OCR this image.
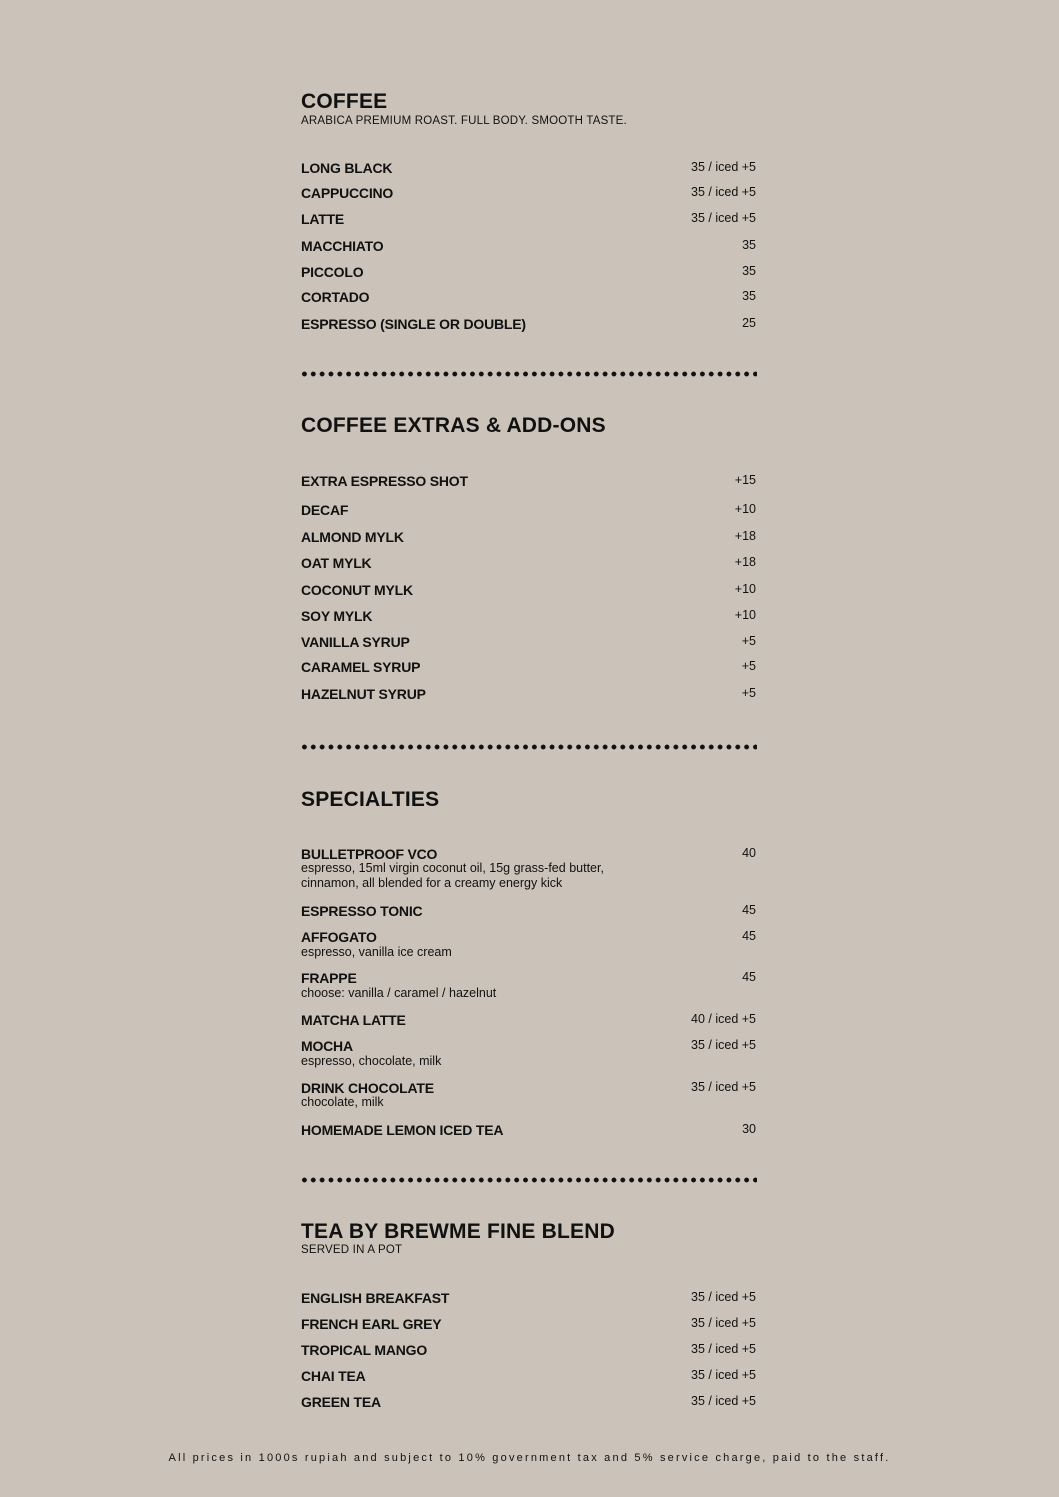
COFFEE
ARABICA PREMIUM ROAST. FULL BODY. SMOOTH TASTE.
LONG BLACK	35 / iced +5
CAPPUCCINO	35 / iced +5
LATTE	35 / iced +5
MACCHIATO	35
PICCOLO	35
CORTADO	35
ESPRESSO (SINGLE OR DOUBLE)	25
COFFEE EXTRAS & ADD-ONS
EXTRA ESPRESSO SHOT	+15
DECAF	+10
ALMOND MYLK	+18
OAT MYLK	+18
COCONUT MYLK	+10
SOY MYLK	+10
VANILLA SYRUP	+5
CARAMEL SYRUP	+5
HAZELNUT SYRUP	+5
SPECIALTIES
BULLETPROOF VCO	40
espresso, 15ml virgin coconut oil, 15g grass-fed butter,
cinnamon, all blended for a creamy energy kick
ESPRESSO TONIC	45
AFFOGATO	45
espresso, vanilla ice cream
FRAPPE	45
choose: vanilla / caramel / hazelnut
MATCHA LATTE	40 / iced +5
MOCHA	35 / iced +5
espresso, chocolate, milk
DRINK CHOCOLATE	35 / iced +5
chocolate, milk
HOMEMADE LEMON ICED TEA	30
TEA BY BREWME FINE BLEND
SERVED IN A POT
ENGLISH BREAKFAST	35 / iced +5
FRENCH EARL GREY	35 / iced +5
TROPICAL MANGO	35 / iced +5
CHAI TEA	35 / iced +5
GREEN TEA	35 / iced +5
All prices in 1000s rupiah and subject to 10% government tax and 5% service charge, paid to the staff.
